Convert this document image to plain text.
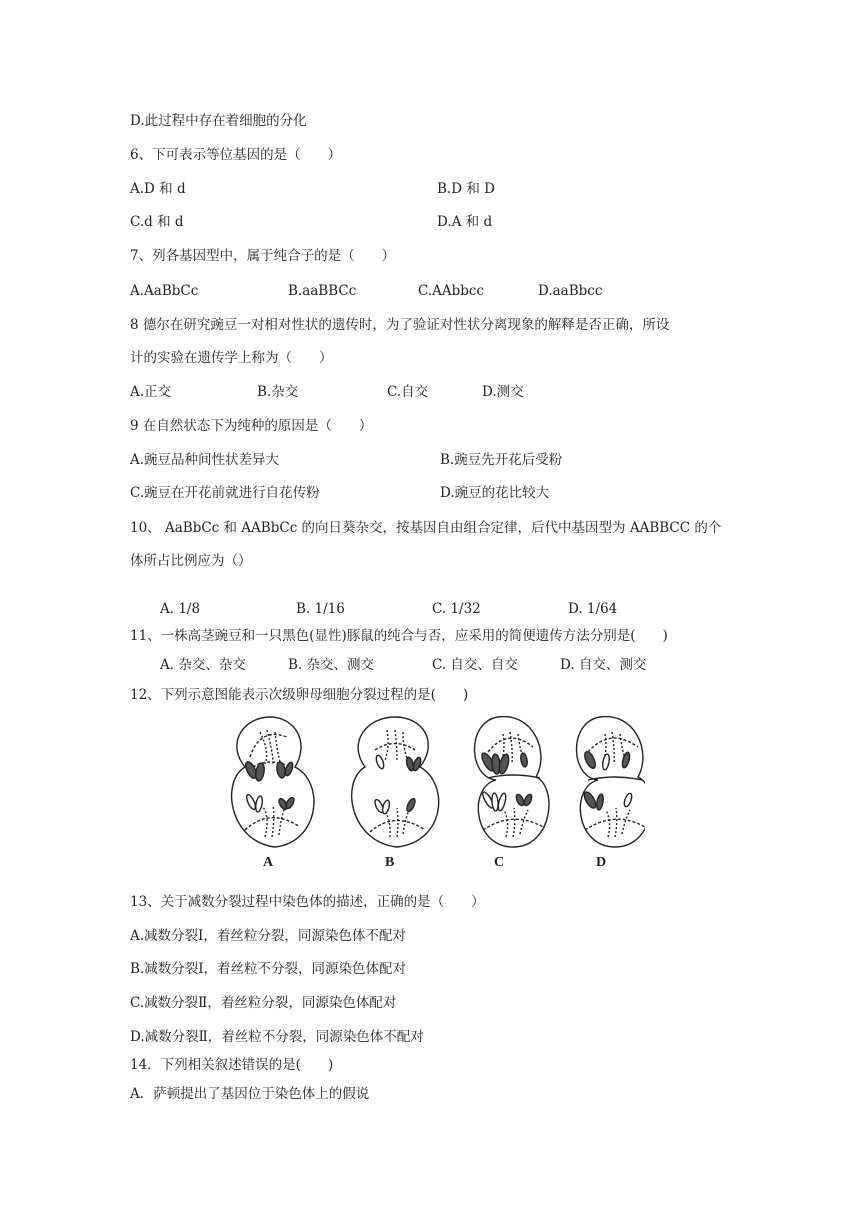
D.此过程中存在着细胞的分化
6、下可表示等位基因的是（　　）
A.D 和 d	B.D 和 D
C.d 和 d	D.A 和 d
7、列各基因型中，属于纯合子的是（　　）
A.AaBbCc	B.aaBBCc	C.AAbbcc	D.aaBbcc
8 德尔在研究豌豆一对相对性状的遗传时，为了验证对性状分离现象的解释是否正确，所设
计的实验在遗传学上称为（　　）
A.正交	B.杂交	C.自交	D.测交
9 在自然状态下为纯种的原因是（　　）
A.豌豆品种间性状差异大	B.豌豆先开花后受粉
C.豌豆在开花前就进行自花传粉	D.豌豆的花比较大
10、 AaBbCc 和 AABbCc 的向日葵杂交，按基因自由组合定律，后代中基因型为 AABBCC 的个
体所占比例应为（）
A. 1/8	B. 1/16	C. 1/32	D. 1/64
11、一株高茎豌豆和一只黑色(显性)豚鼠的纯合与否，应采用的简便遗传方法分别是(　　)
A. 杂交、杂交	B. 杂交、测交	C. 自交、自交	D. 自交、测交
12、下列示意图能表示次级卵母细胞分裂过程的是(　　)
A	B	C	D
13、关于减数分裂过程中染色体的描述，正确的是（　　）
A.减数分裂Ⅰ，着丝粒分裂，同源染色体不配对
B.减数分裂Ⅰ，着丝粒不分裂，同源染色体配对
C.减数分裂Ⅱ，着丝粒分裂，同源染色体配对
D.减数分裂Ⅱ，着丝粒不分裂，同源染色体不配对
14．下列相关叙述错误的是(　　)
A．萨顿提出了基因位于染色体上的假说
